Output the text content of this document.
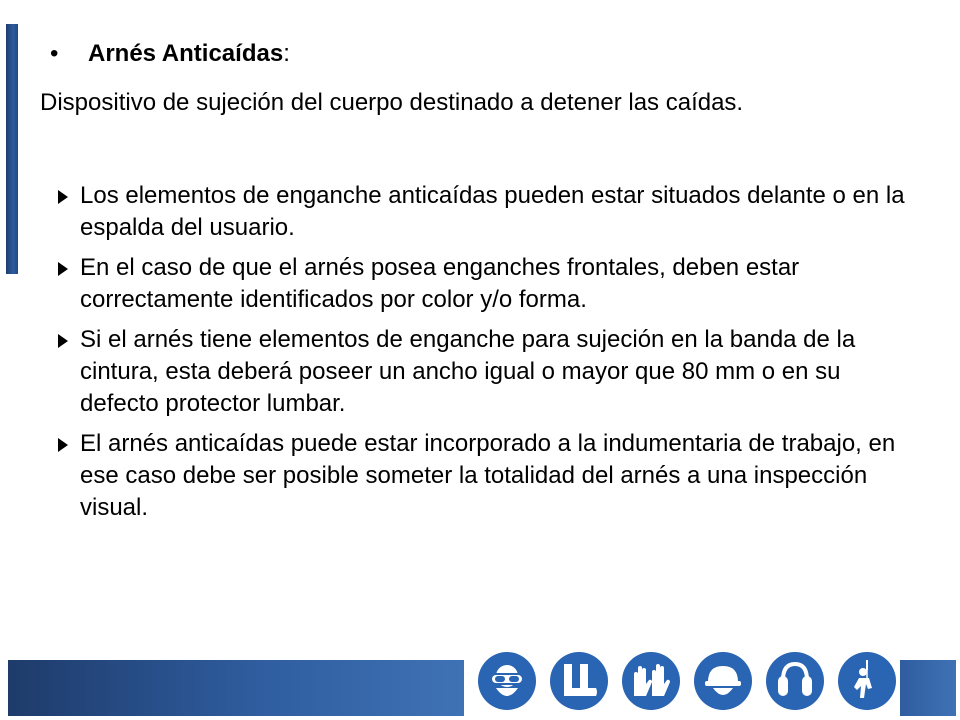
• Arnés Anticaídas:
Dispositivo de sujeción del cuerpo destinado a detener las caídas.
Los elementos de enganche anticaídas pueden estar situados delante o en la espalda del usuario.
En el caso de que el arnés posea enganches frontales, deben estar correctamente identificados por color y/o forma.
Si el arnés tiene elementos de enganche para sujeción en la banda de la cintura, esta deberá poseer un ancho igual o mayor que 80 mm o en su defecto protector lumbar.
El arnés anticaídas puede estar incorporado a la indumentaria de trabajo, en ese caso debe ser posible someter la totalidad del arnés a una inspección visual.
